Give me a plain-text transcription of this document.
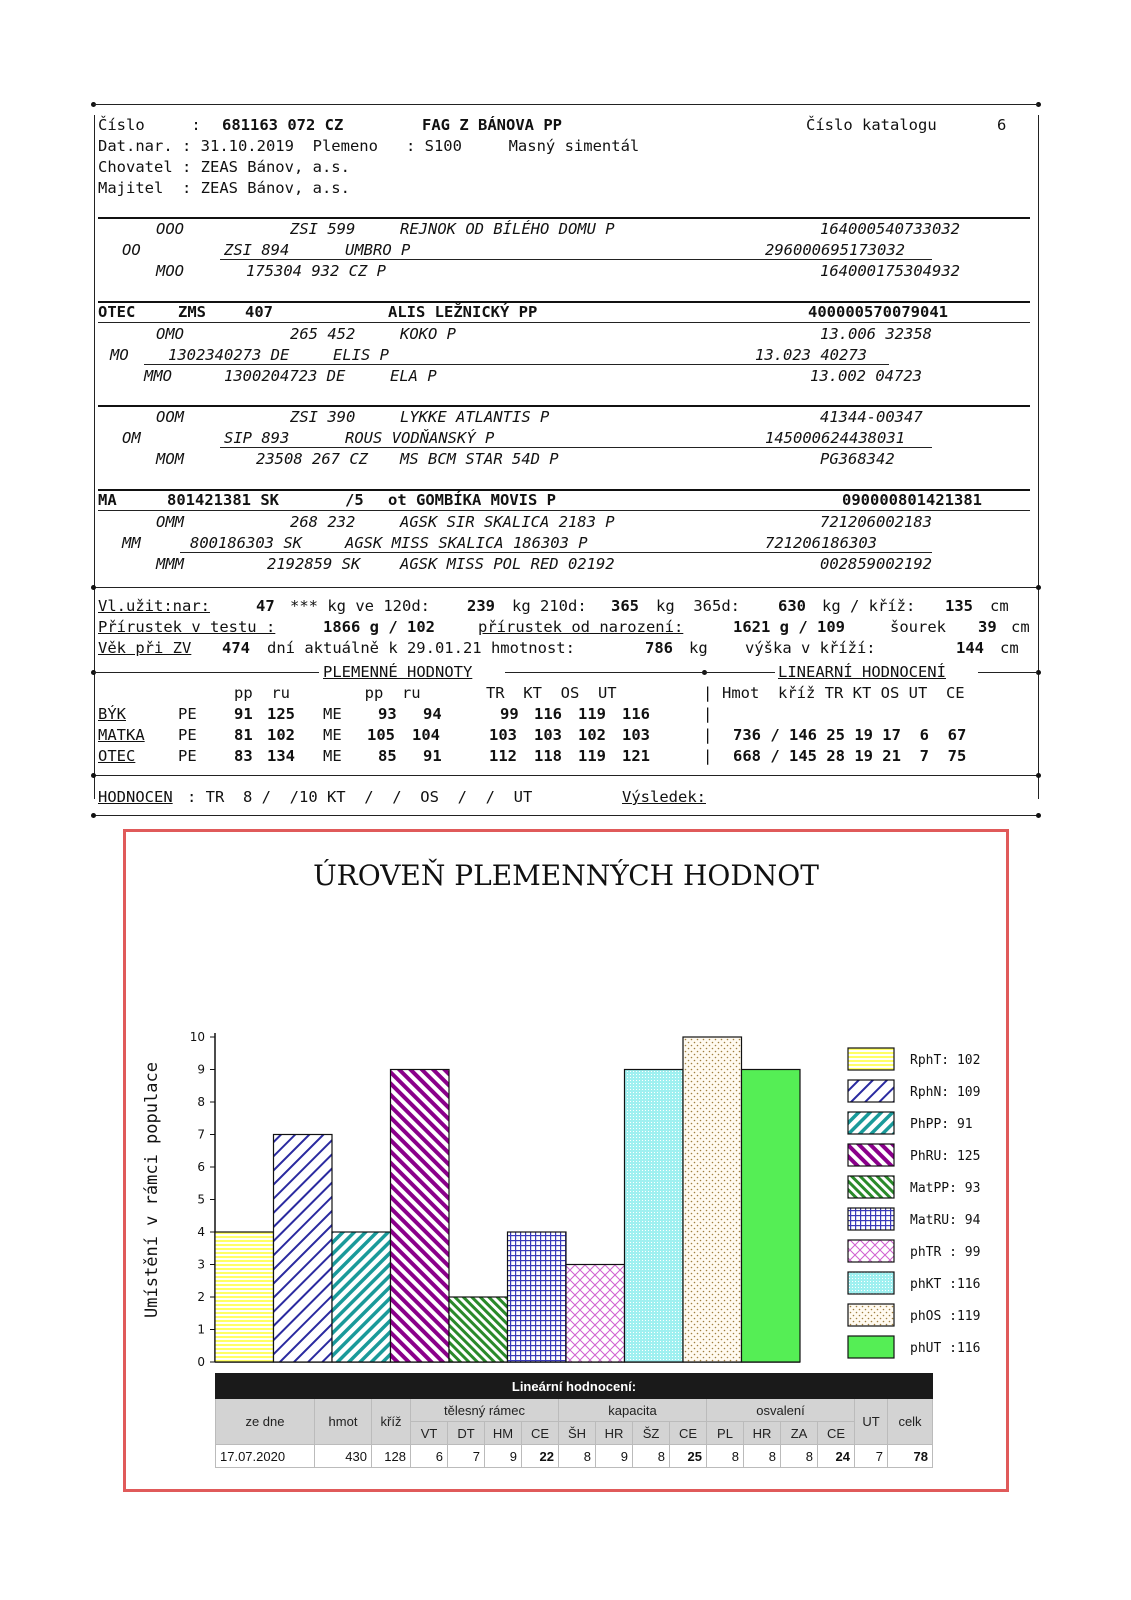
Číslo     : 681163 072 CZ	FAG Z BÁNOVA PP	Číslo katalogu	6
Dat.nar. : 31.10.2019  Plemeno   : S100     Masný simentál
Chovatel : ZEAS Bánov, a.s.
Majitel  : ZEAS Bánov, a.s.
OOO	ZSI 599	REJNOK OD BÍLÉHO DOMU P	164000540733032
OO	ZSI 894	UMBRO P	296000695173032
MOO	175304 932 CZ P	164000175304932
OTEC	ZMS	407	ALIS LEŽNICKÝ PP	400000570079041
OMO	265 452	KOKO P	13.006 32358
MO	1302340273 DE	ELIS P	13.023 40273
MMO	1300204723 DE	ELA P	13.002 04723
OOM	ZSI 390	LYKKE ATLANTIS P	41344-00347
OM	SIP 893	ROUS VODŇANSKÝ P	145000624438031
MOM	23508 267 CZ MS BCM STAR 54D P	PG368342
MA	801421381 SK	/5 ot GOMBÍKA MOVIS P	090000801421381
OMM	268 232	AGSK SIR SKALICA 2183 P	721206002183
MM	800186303 SK	AGSK MISS SKALICA 186303 P	721206186303
MMM	2192859 SK	AGSK MISS POL RED 02192	002859002192
Vl.užit:nar:	47 *** kg ve 120d: 239 kg 210d: 365 kg  365d: 630 kg / kříž: 135 cm
Přírustek v testu :	1866 g / 102	přírustek od narození:	1621 g / 109	šourek 39 cm
Věk při ZV 474 dní aktuálně k 29.01.21 hmotnost:	786 kg    výška v kříží:	144 cm
PLEMENNÉ HODNOTY	LINEARNÍ HODNOCENÍ
pp  ru        pp  ru       TR  KT  OS  UT	| Hmot  kříž TR KT OS UT  CE
BÝK	PE 91 125 ME 93 94	99 116 119 116	|
MATKA PE 81 102 ME 105 104	103 103 102 103	| 736 / 146 25 19 17  6  67
OTEC	PE 83 134 ME 85 91	112 118 119 121	| 668 / 145 28 19 21  7  75
HODNOCEN : TR  8 /  /10 KT  /  /  OS  /  /  UT	Výsledek:
ÚROVEŇ PLEMENNÝCH HODNOT
Umístění v rámci populace
0
1
2
3
4
5
6
7
8
9
10
RphT: 102
RphN: 109
PhPP: 91
PhRU: 125
MatPP: 93
MatRU: 94
phTR : 99
phKT :116
phOS :119
phUT :116
Lineární hodnocení:																
ze dne	hmot	kříž	tělesný rámec				kapacita				osvalení				UT	celk
			VT	DT	HM	CE	ŠH	HR	ŠZ	CE	PL	HR	ZA	CE		
17.07.2020	430	128	6	7	9	22	8	9	8	25	8	8	8	24	7	78
